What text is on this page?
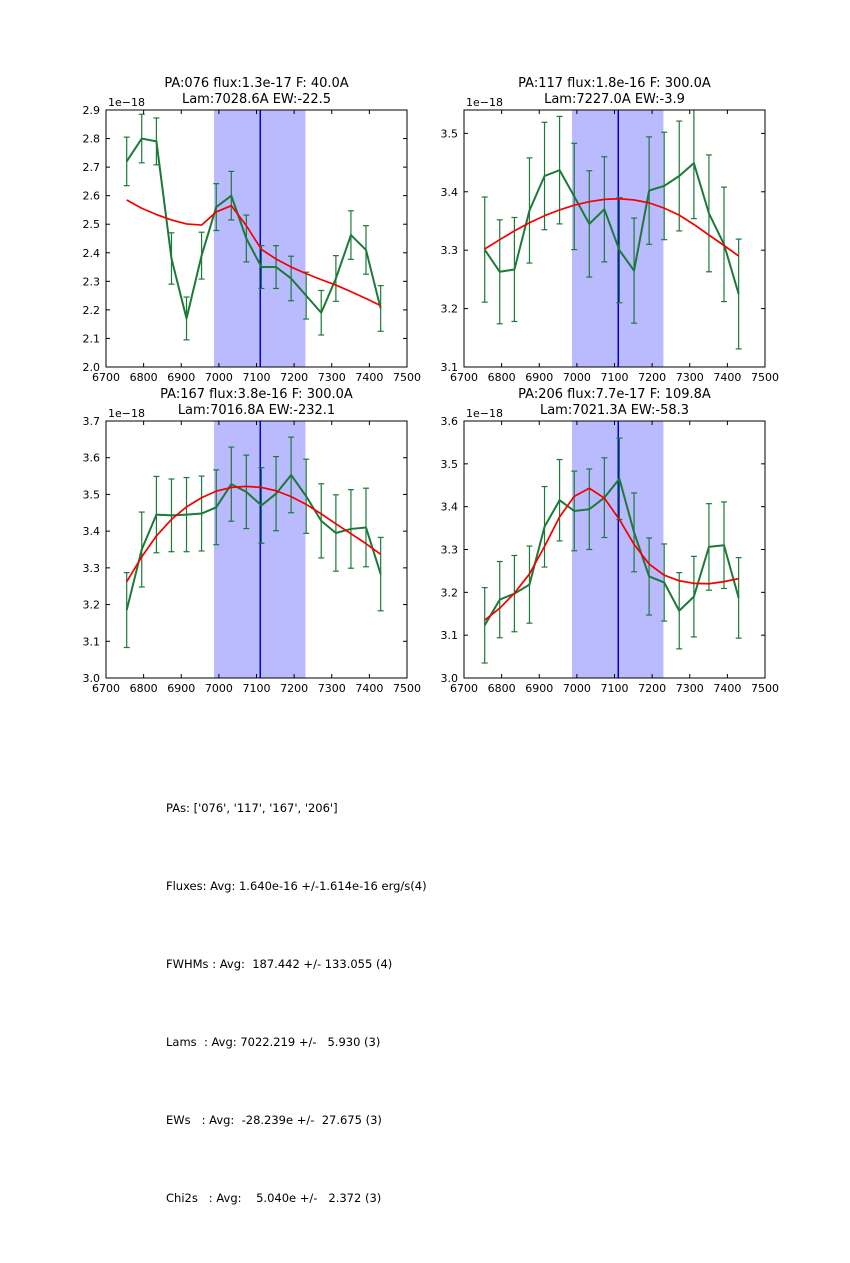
6700 6800 6900 7000 7100 7200 7300 7400 7500
2.0
2.1
2.2
2.3
2.4
2.5
2.6
2.7
2.8
2.9
1e−18
PA:076 flux:1.3e-17 F: 40.0A
Lam:7028.6A EW:-22.5
6700 6800 6900 7000 7100 7200 7300 7400 7500
3.1
3.2
3.3
3.4
3.5
1e−18
PA:117 flux:1.8e-16 F: 300.0A
Lam:7227.0A EW:-3.9
6700 6800 6900 7000 7100 7200 7300 7400 7500
3.0
3.1
3.2
3.3
3.4
3.5
3.6
3.7
1e−18
PA:167 flux:3.8e-16 F: 300.0A
Lam:7016.8A EW:-232.1
6700 6800 6900 7000 7100 7200 7300 7400 7500
3.0
3.1
3.2
3.3
3.4
3.5
3.6
1e−18
PA:206 flux:7.7e-17 F: 109.8A
Lam:7021.3A EW:-58.3

PAs: ['076', '117', '167', '206']

Fluxes: Avg: 1.640e-16 +/-1.614e-16 erg/s(4)

FWHMs : Avg:  187.442 +/- 133.055 (4)

Lams  : Avg: 7022.219 +/-   5.930 (3)

EWs   : Avg:  -28.239e +/-  27.675 (3)

Chi2s   : Avg:    5.040e +/-   2.372 (3)
